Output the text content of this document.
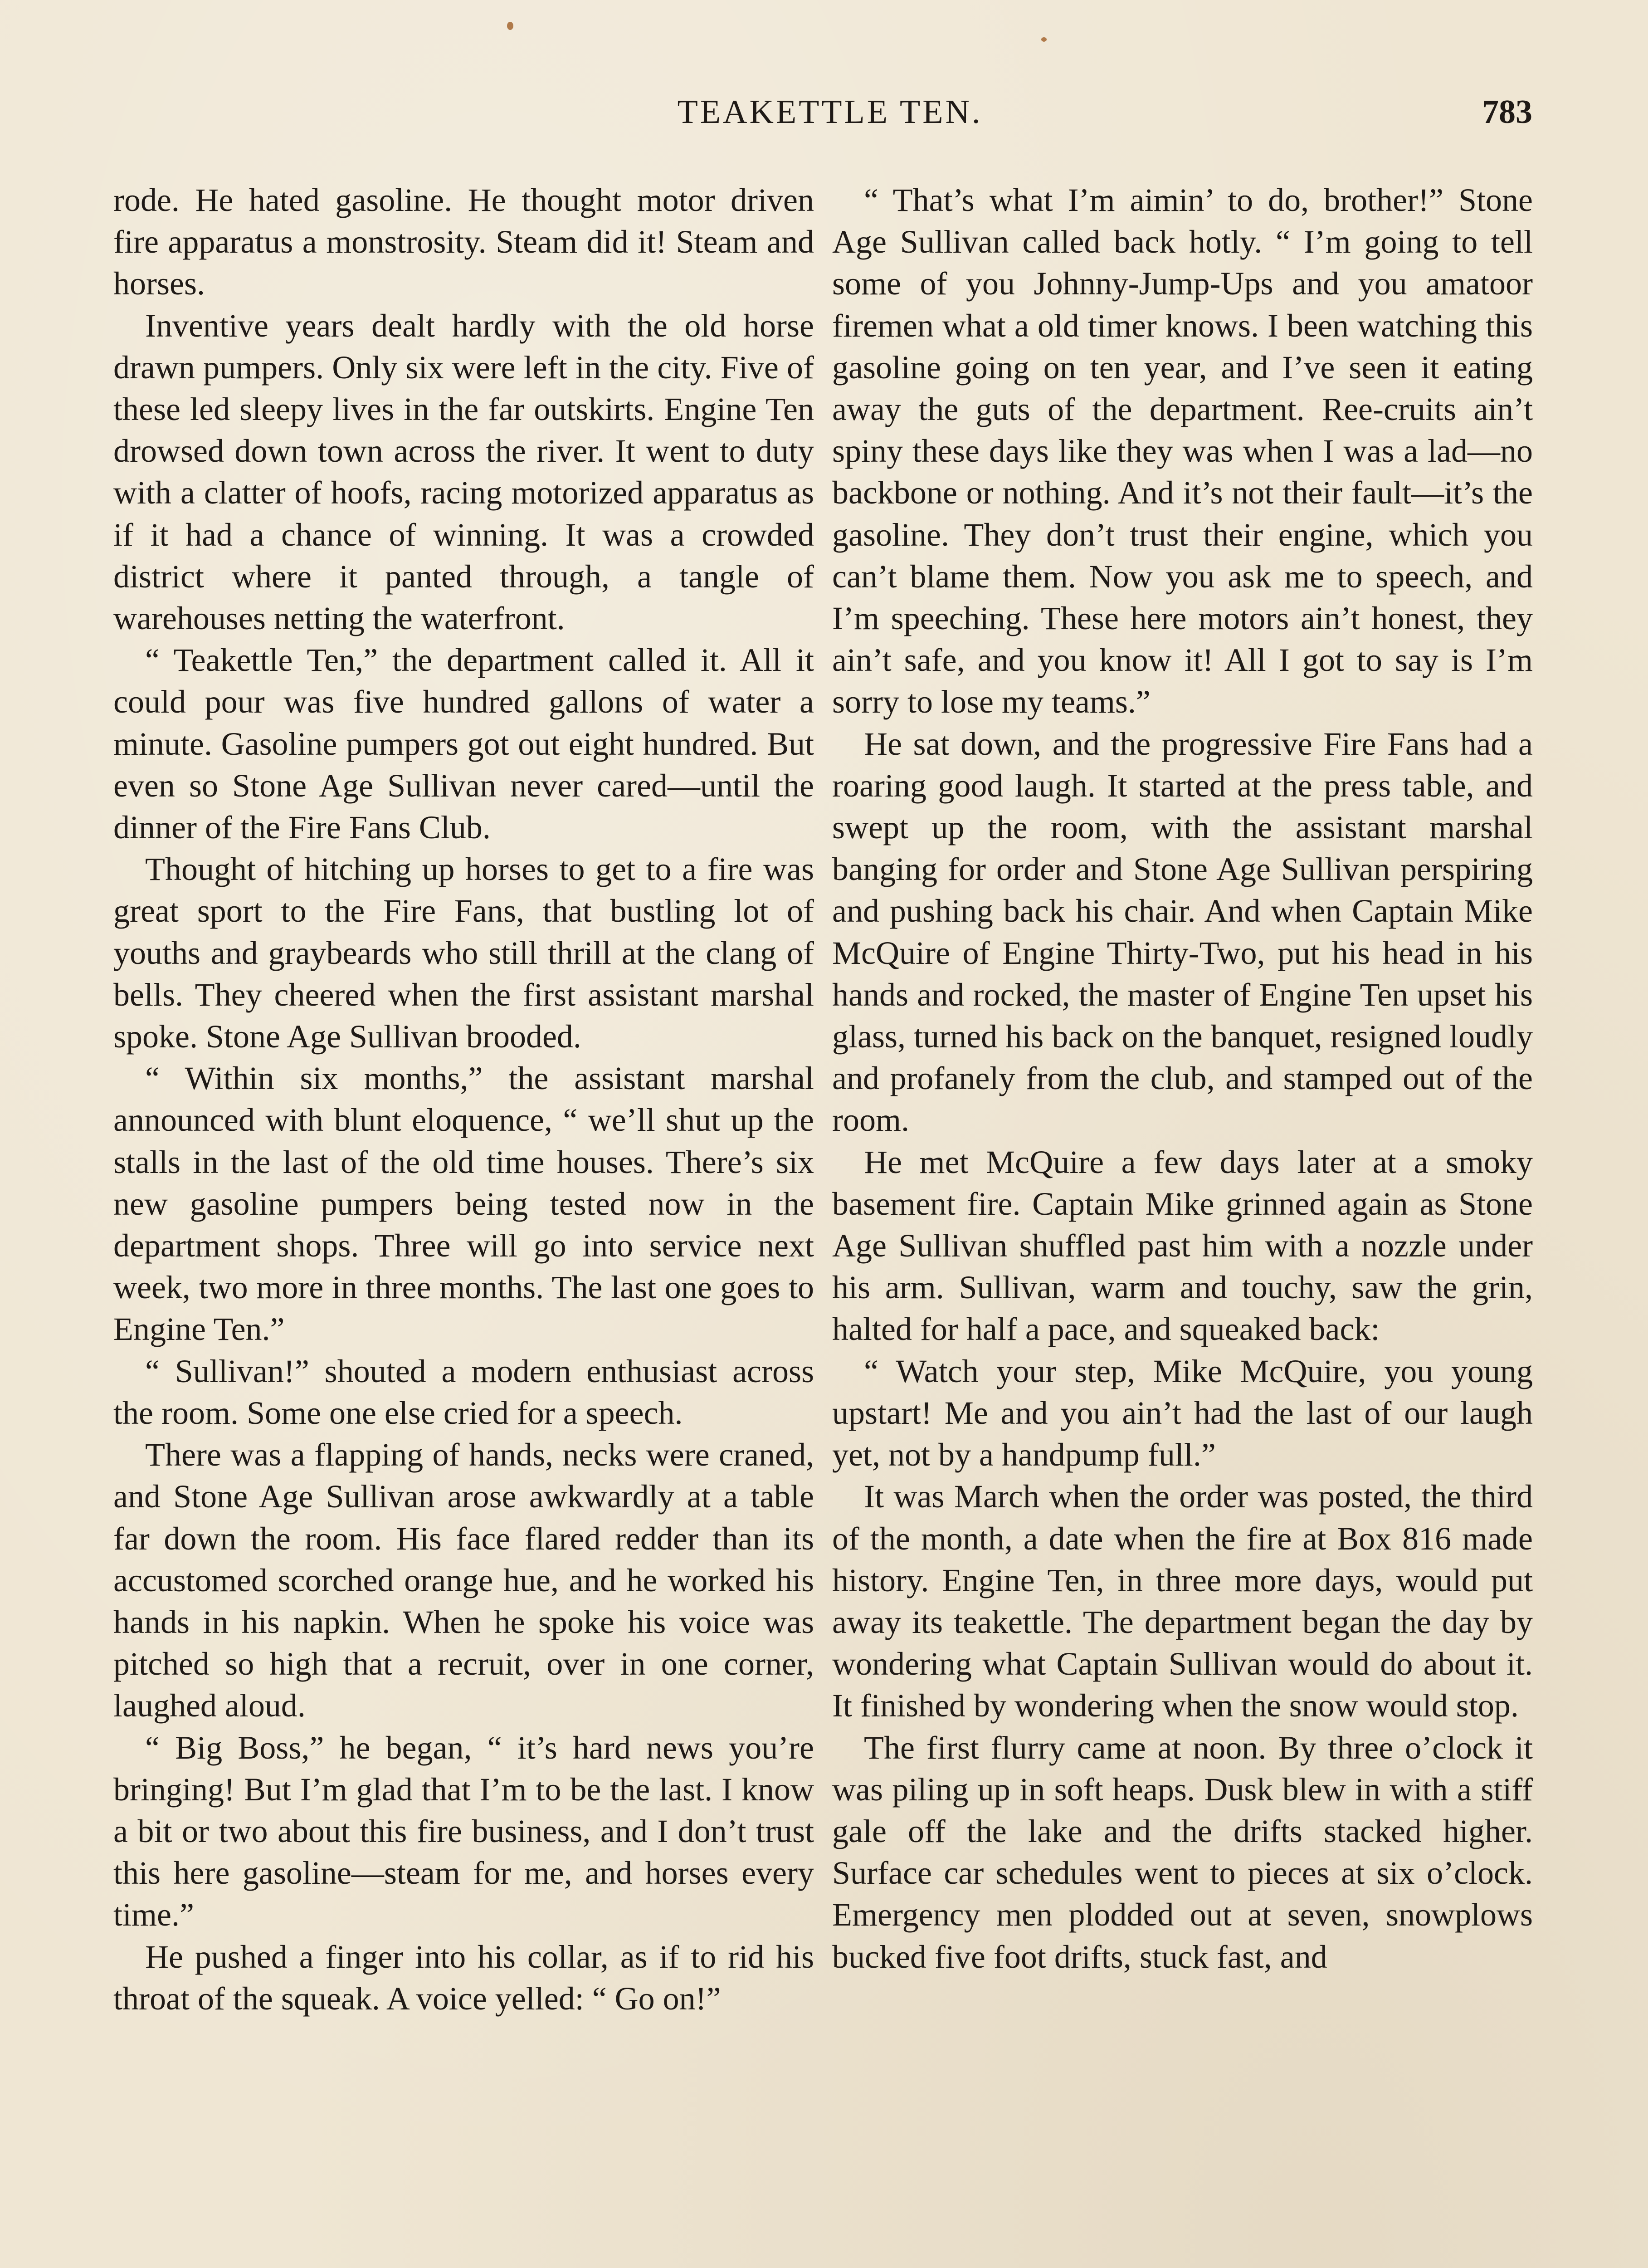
TEAKETTLE TEN.	783

rode. He hated gasoline. He thought motor driven fire apparatus a monstrosity. Steam did it! Steam and horses.

Inventive years dealt hardly with the old horse drawn pumpers. Only six were left in the city. Five of these led sleepy lives in the far outskirts. Engine Ten drowsed down town across the river. It went to duty with a clatter of hoofs, racing motorized apparatus as if it had a chance of winning. It was a crowded district where it panted through, a tangle of warehouses netting the waterfront.

“ Teakettle Ten,” the department called it. All it could pour was five hundred gallons of water a minute. Gasoline pumpers got out eight hundred. But even so Stone Age Sullivan never cared—until the dinner of the Fire Fans Club.

Thought of hitching up horses to get to a fire was great sport to the Fire Fans, that bustling lot of youths and graybeards who still thrill at the clang of bells. They cheered when the first assistant marshal spoke. Stone Age Sullivan brooded.

“ Within six months,” the assistant marshal announced with blunt eloquence, “ we’ll shut up the stalls in the last of the old time houses. There’s six new gasoline pumpers being tested now in the department shops. Three will go into service next week, two more in three months. The last one goes to Engine Ten.”

“ Sullivan!” shouted a modern enthusiast across the room. Some one else cried for a speech.

There was a flapping of hands, necks were craned, and Stone Age Sullivan arose awkwardly at a table far down the room. His face flared redder than its accustomed scorched orange hue, and he worked his hands in his napkin. When he spoke his voice was pitched so high that a recruit, over in one corner, laughed aloud.

“ Big Boss,” he began, “ it’s hard news you’re bringing! But I’m glad that I’m to be the last. I know a bit or two about this fire business, and I don’t trust this here gasoline—steam for me, and horses every time.”

He pushed a finger into his collar, as if to rid his throat of the squeak. A voice yelled: “ Go on!”

“ That’s what I’m aimin’ to do, brother!” Stone Age Sullivan called back hotly. “ I’m going to tell some of you Johnny-Jump-Ups and you amatoor firemen what a old timer knows. I been watching this gasoline going on ten year, and I’ve seen it eating away the guts of the department. Ree-cruits ain’t spiny these days like they was when I was a lad—no backbone or nothing. And it’s not their fault—it’s the gasoline. They don’t trust their engine, which you can’t blame them. Now you ask me to speech, and I’m speeching. These here motors ain’t honest, they ain’t safe, and you know it! All I got to say is I’m sorry to lose my teams.”

He sat down, and the progressive Fire Fans had a roaring good laugh. It started at the press table, and swept up the room, with the assistant marshal banging for order and Stone Age Sullivan perspiring and pushing back his chair. And when Captain Mike McQuire of Engine Thirty-Two, put his head in his hands and rocked, the master of Engine Ten upset his glass, turned his back on the banquet, resigned loudly and profanely from the club, and stamped out of the room.

He met McQuire a few days later at a smoky basement fire. Captain Mike grinned again as Stone Age Sullivan shuffled past him with a nozzle under his arm. Sullivan, warm and touchy, saw the grin, halted for half a pace, and squeaked back:

“ Watch your step, Mike McQuire, you young upstart! Me and you ain’t had the last of our laugh yet, not by a handpump full.”

It was March when the order was posted, the third of the month, a date when the fire at Box 816 made history. Engine Ten, in three more days, would put away its teakettle. The department began the day by wondering what Captain Sullivan would do about it. It finished by wondering when the snow would stop.

The first flurry came at noon. By three o’clock it was piling up in soft heaps. Dusk blew in with a stiff gale off the lake and the drifts stacked higher. Surface car schedules went to pieces at six o’clock. Emergency men plodded out at seven, snowplows bucked five foot drifts, stuck fast, and
